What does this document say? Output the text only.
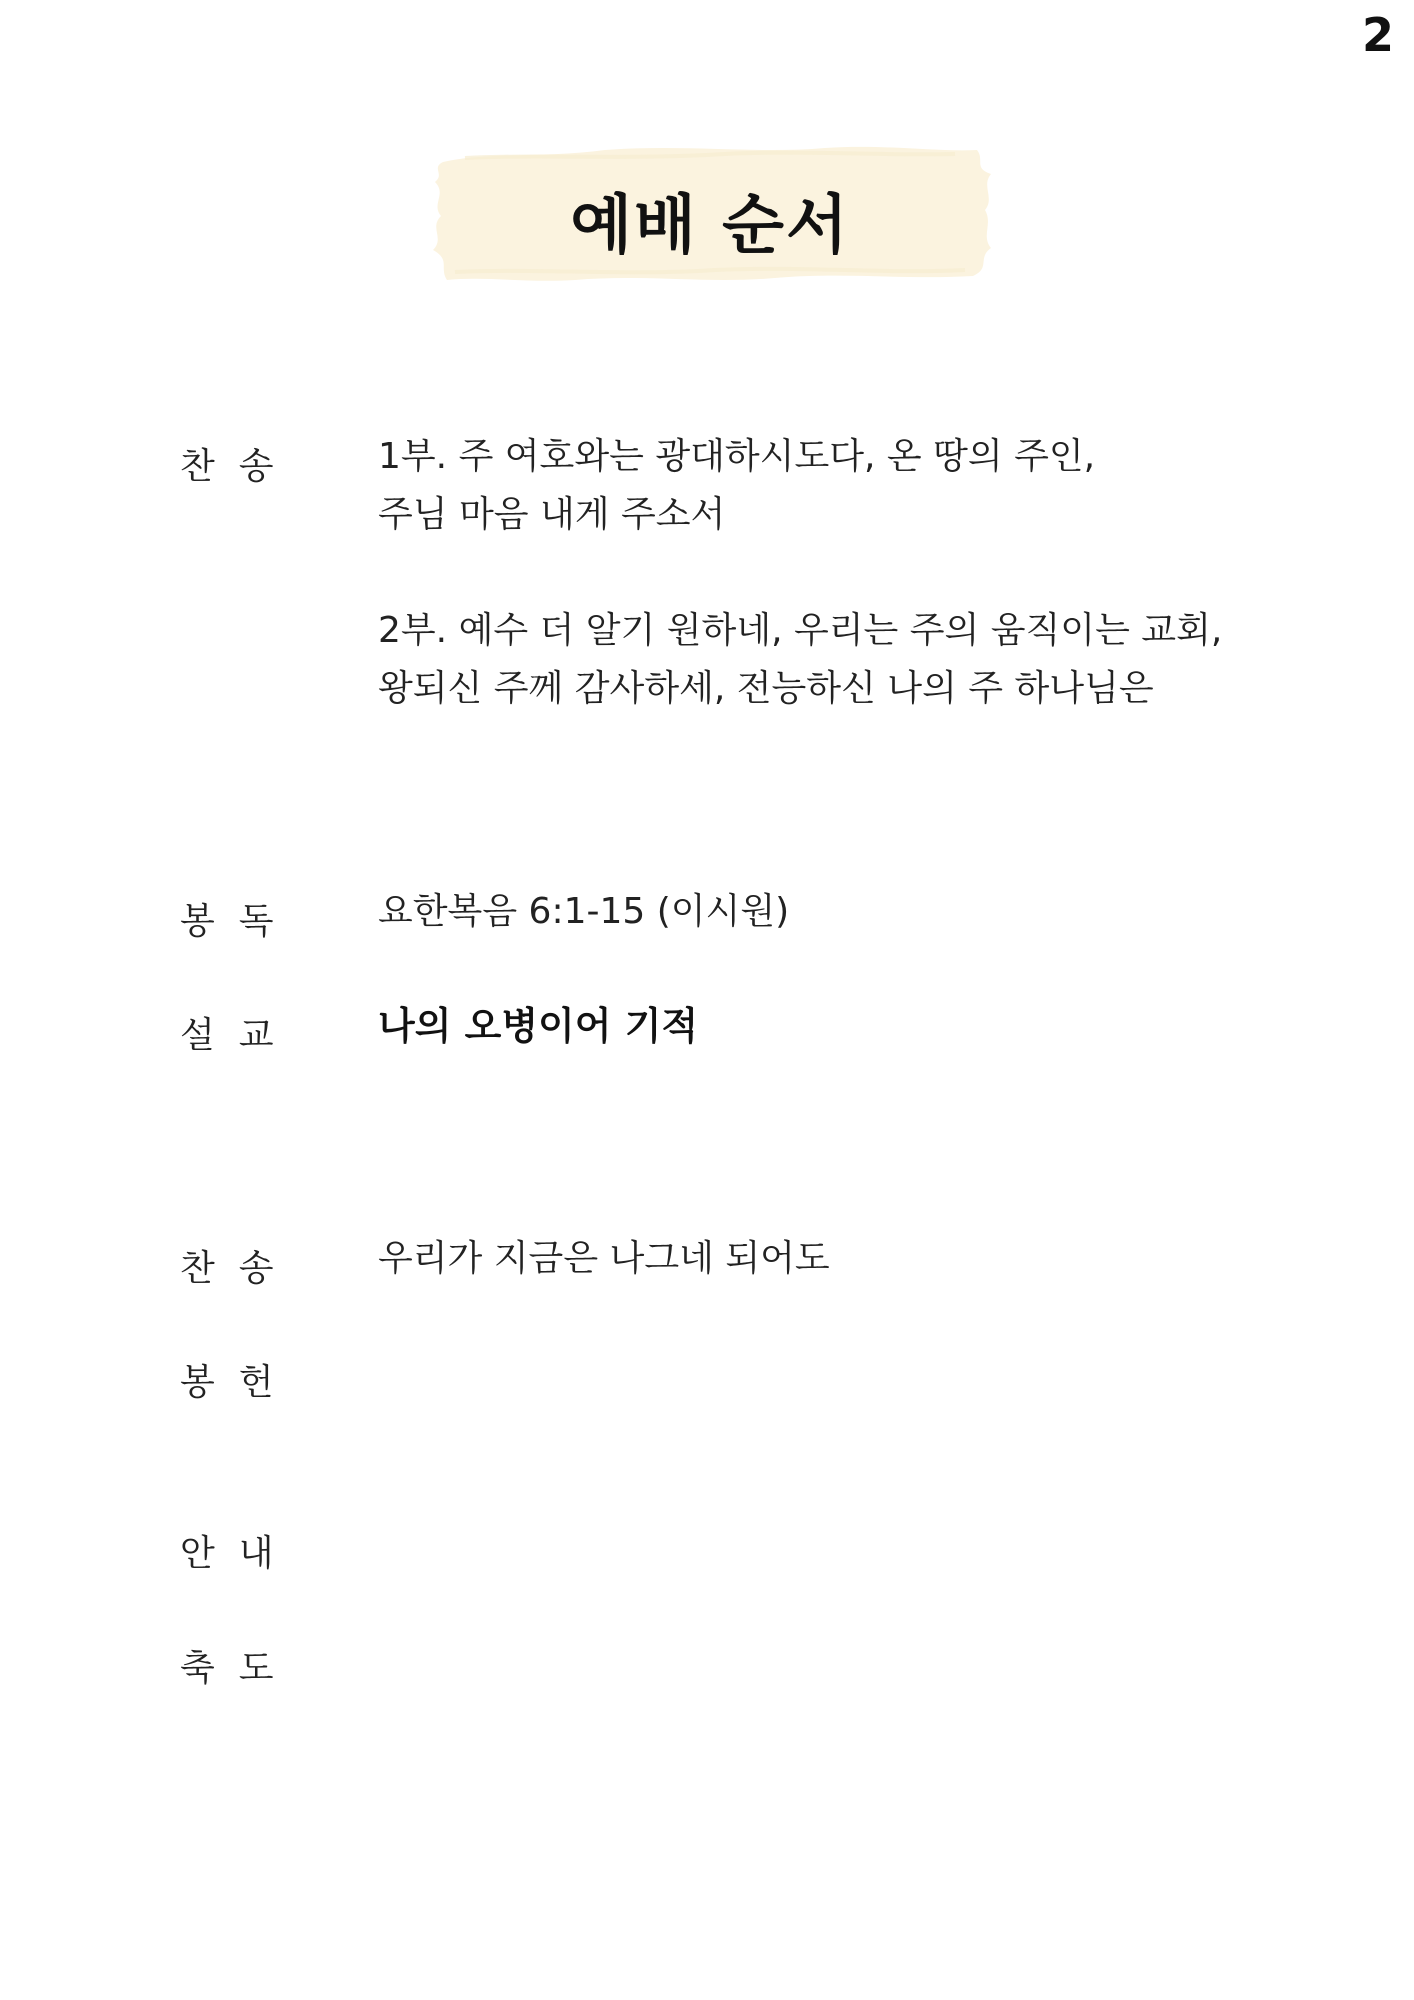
2
예배 순서
찬 송	1부. 주 여호와는 광대하시도다, 온 땅의 주인,
주님 마음 내게 주소서
2부. 예수 더 알기 원하네, 우리는 주의 움직이는 교회,
왕되신 주께 감사하세, 전능하신 나의 주 하나님은
봉 독	요한복음 6:1-15 (이시원)
설 교	나의 오병이어 기적
찬 송	우리가 지금은 나그네 되어도
봉 헌
안 내
축 도
